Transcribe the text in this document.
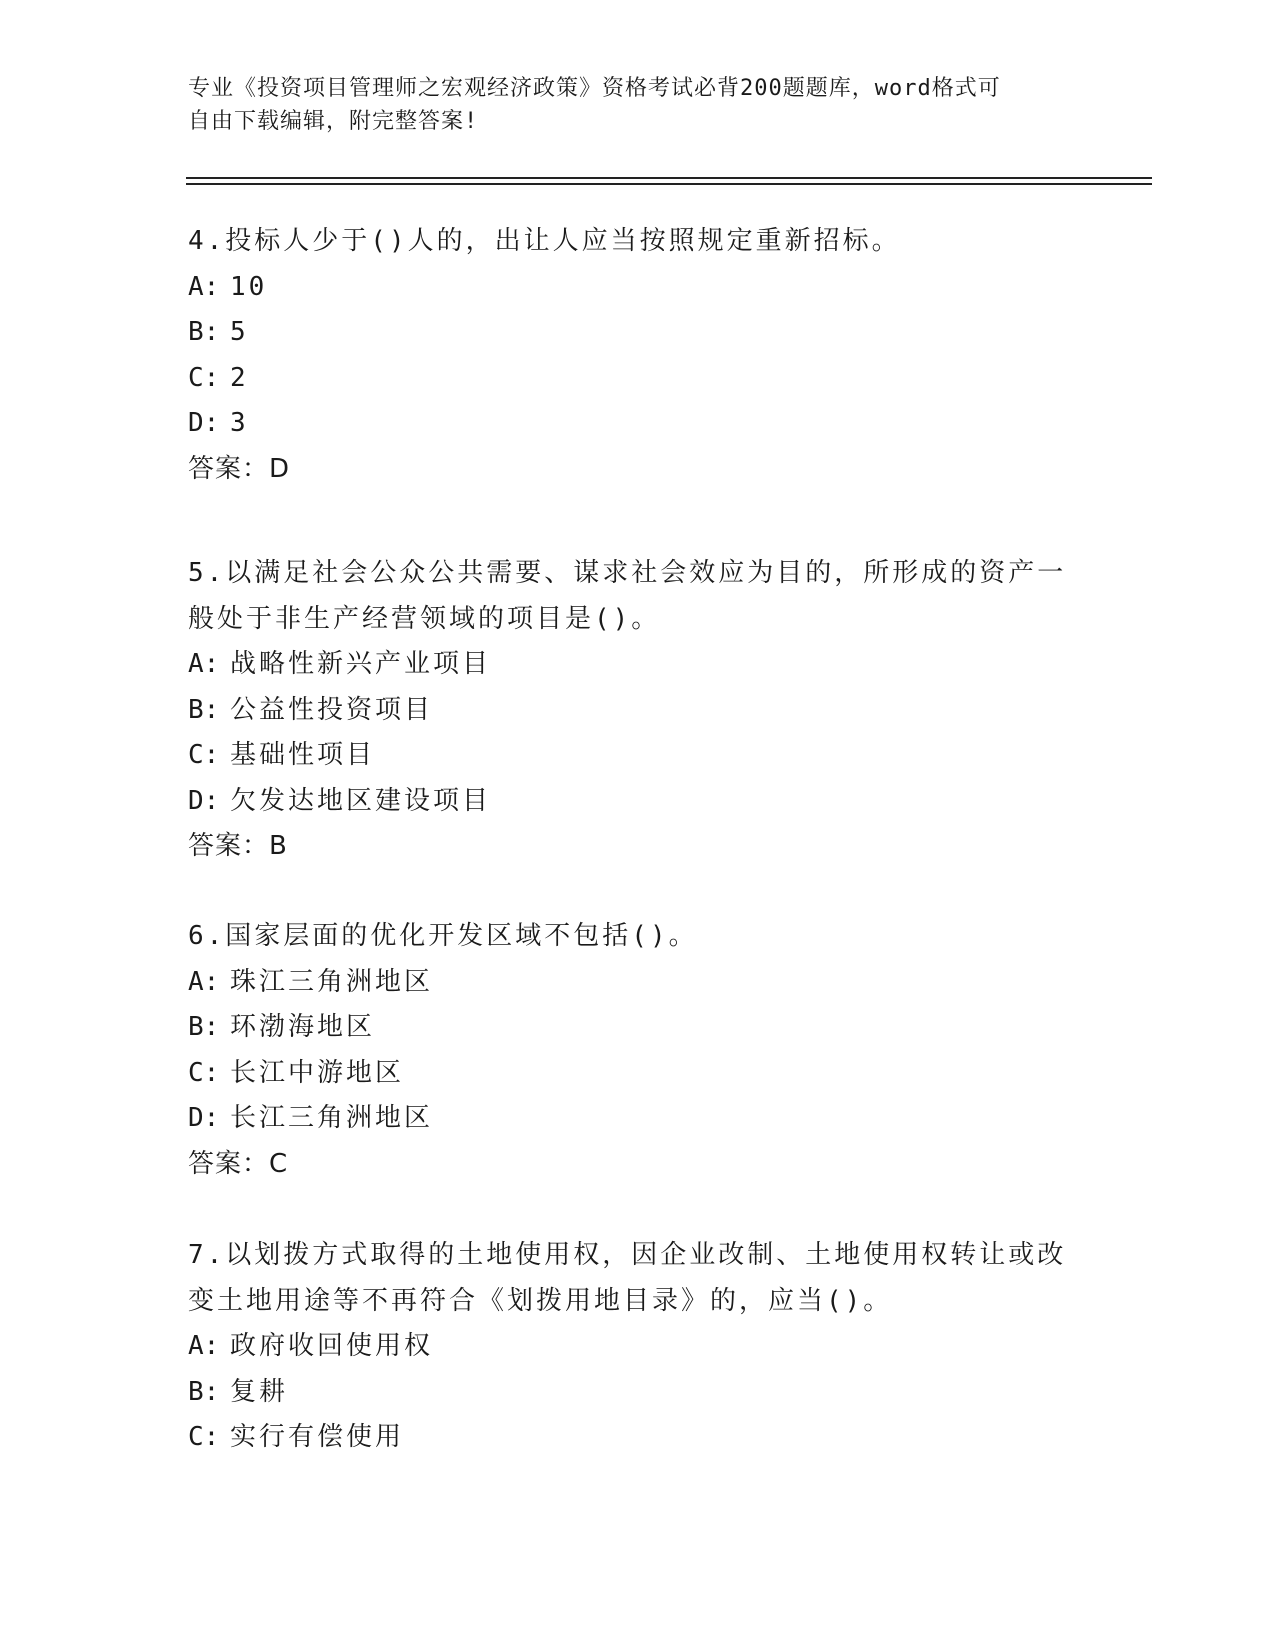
专业《投资项目管理师之宏观经济政策》资格考试必背200题题库，word格式可
自由下载编辑，附完整答案!
4.投标人少于()人的，出让人应当按照规定重新招标。
A: 10
B: 5
C: 2
D: 3
答案：D
5.以满足社会公众公共需要、谋求社会效应为目的，所形成的资产一
般处于非生产经营领域的项目是()。
A: 战略性新兴产业项目
B: 公益性投资项目
C: 基础性项目
D: 欠发达地区建设项目
答案：B
6.国家层面的优化开发区域不包括()。
A: 珠江三角洲地区
B: 环渤海地区
C: 长江中游地区
D: 长江三角洲地区
答案：C
7.以划拨方式取得的土地使用权，因企业改制、土地使用权转让或改
变土地用途等不再符合《划拨用地目录》的，应当()。
A: 政府收回使用权
B: 复耕
C: 实行有偿使用
